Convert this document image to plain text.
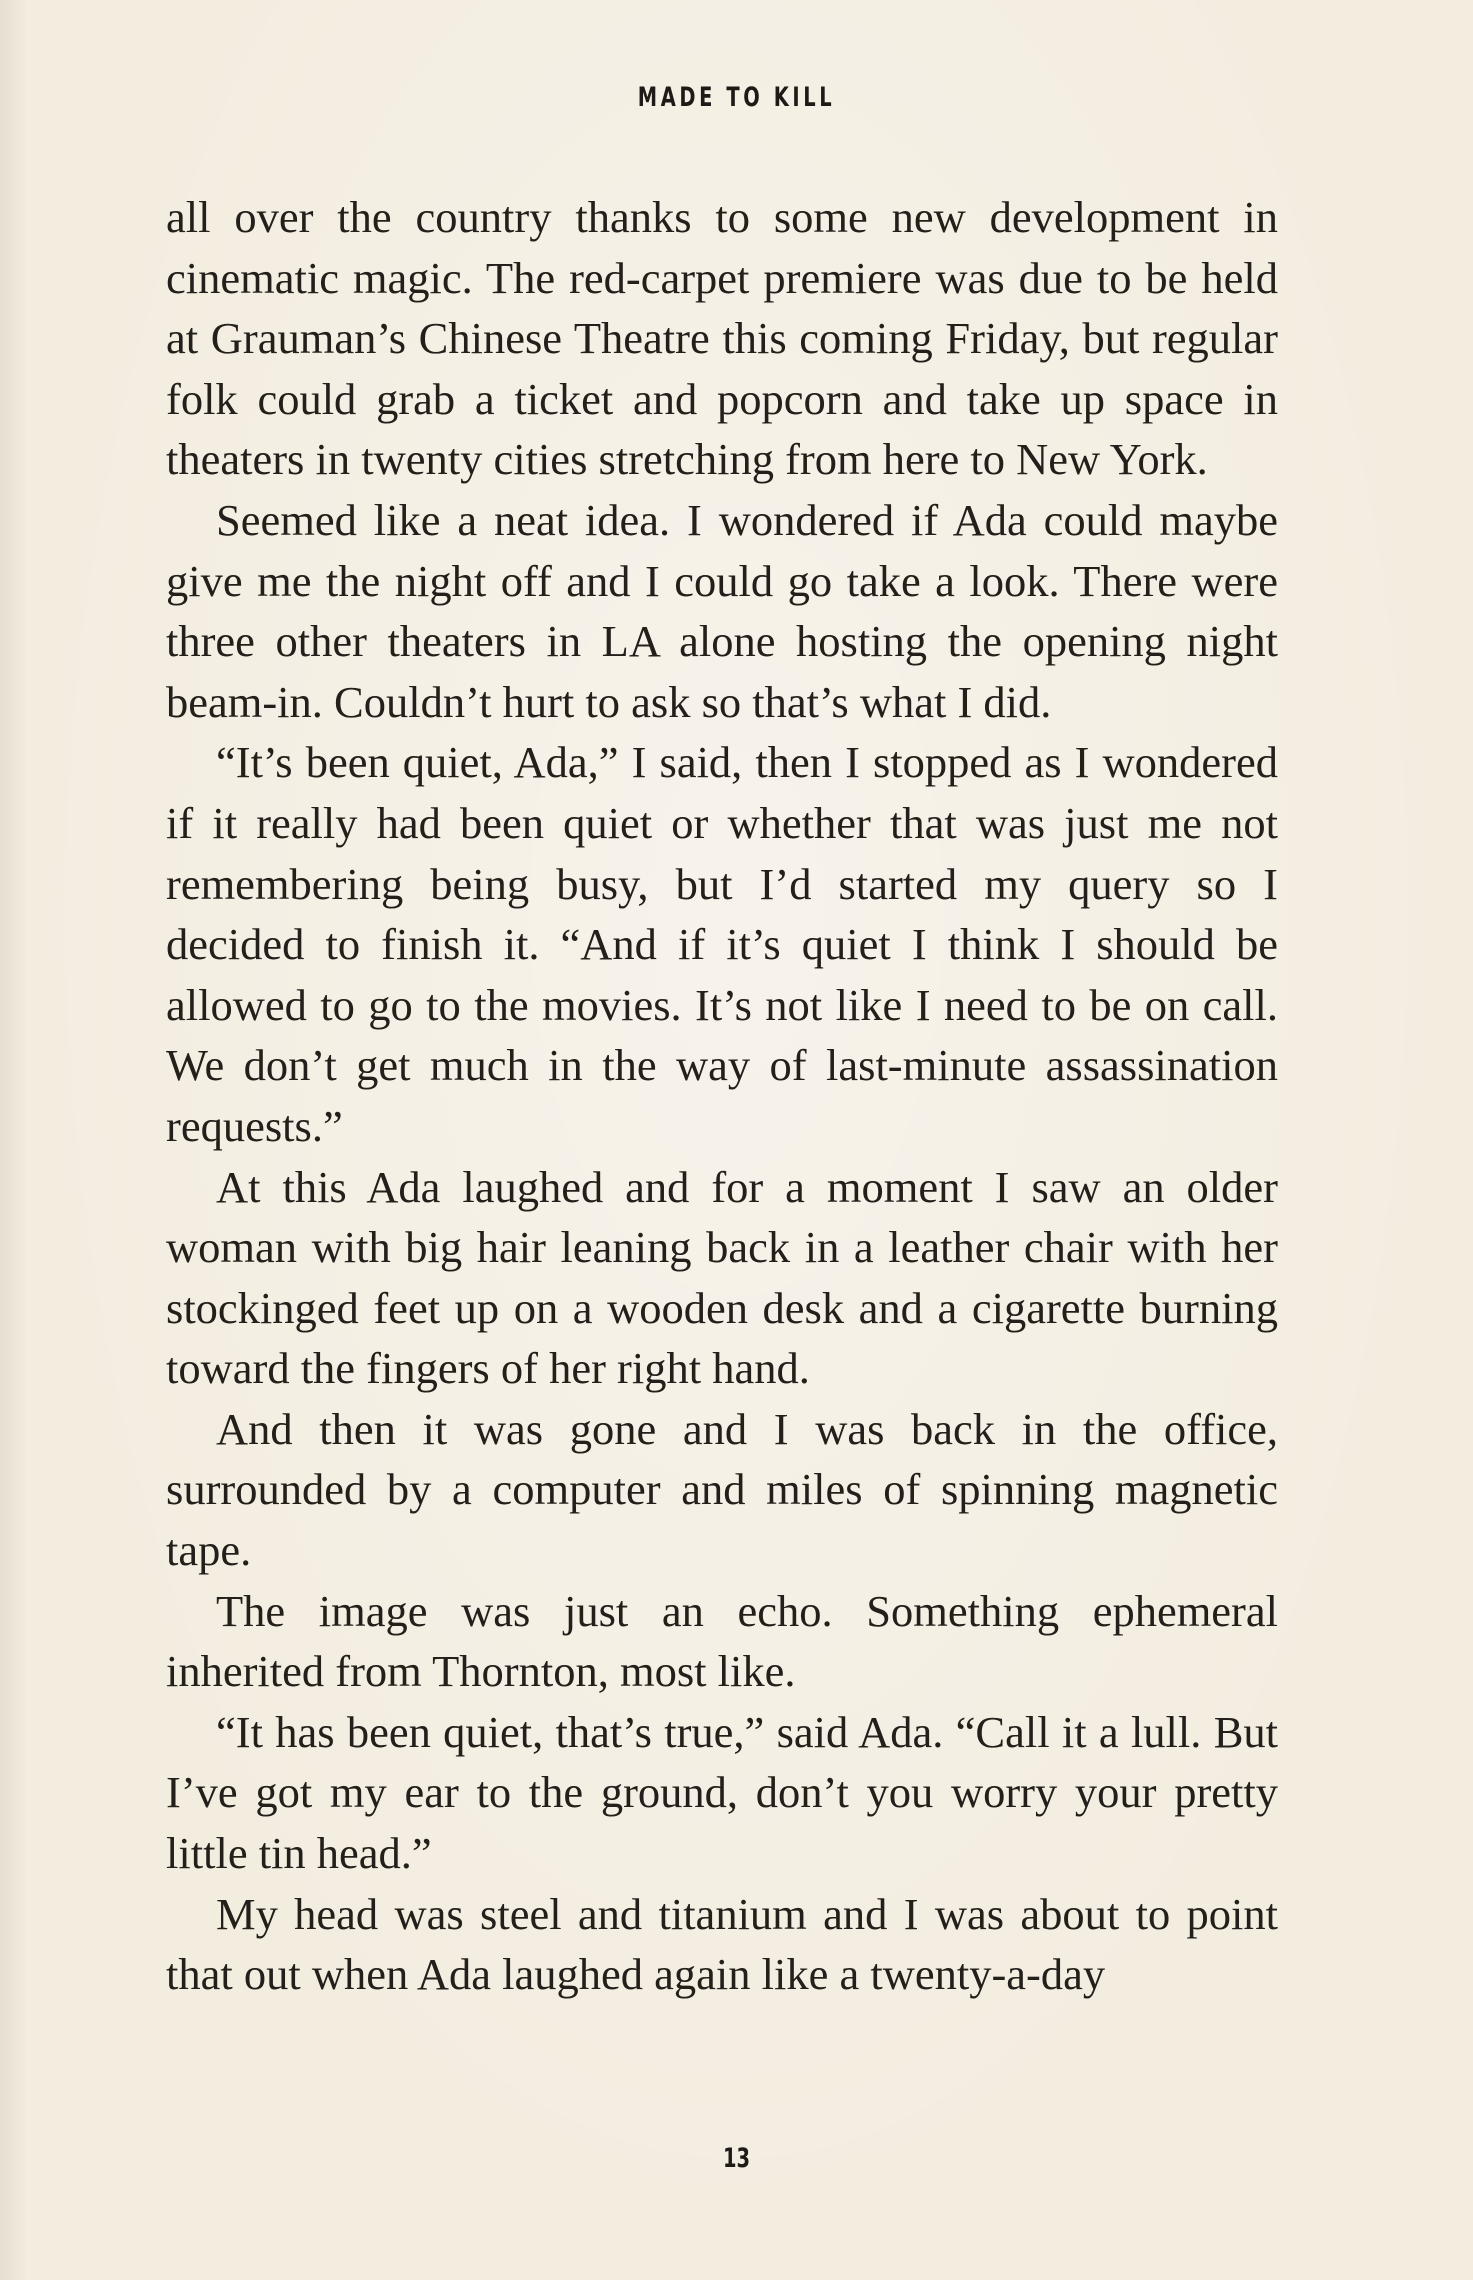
MADE TO KILL

all over the country thanks to some new development in cinematic magic. The red-carpet premiere was due to be held at Grauman’s Chinese Theatre this coming Friday, but regular folk could grab a ticket and popcorn and take up space in theaters in twenty cities stretching from here to New York.

Seemed like a neat idea. I wondered if Ada could maybe give me the night off and I could go take a look. There were three other theaters in LA alone hosting the opening night beam-in. Couldn’t hurt to ask so that’s what I did.

“It’s been quiet, Ada,” I said, then I stopped as I wondered if it really had been quiet or whether that was just me not remembering being busy, but I’d started my query so I decided to finish it. “And if it’s quiet I think I should be allowed to go to the movies. It’s not like I need to be on call. We don’t get much in the way of last-minute assassination requests.”

At this Ada laughed and for a moment I saw an older woman with big hair leaning back in a leather chair with her stockinged feet up on a wooden desk and a cigarette burning toward the fingers of her right hand.

And then it was gone and I was back in the office, surrounded by a computer and miles of spinning magnetic tape.

The image was just an echo. Something ephemeral inherited from Thornton, most like.

“It has been quiet, that’s true,” said Ada. “Call it a lull. But I’ve got my ear to the ground, don’t you worry your pretty little tin head.”

My head was steel and titanium and I was about to point that out when Ada laughed again like a twenty-a-day

13
